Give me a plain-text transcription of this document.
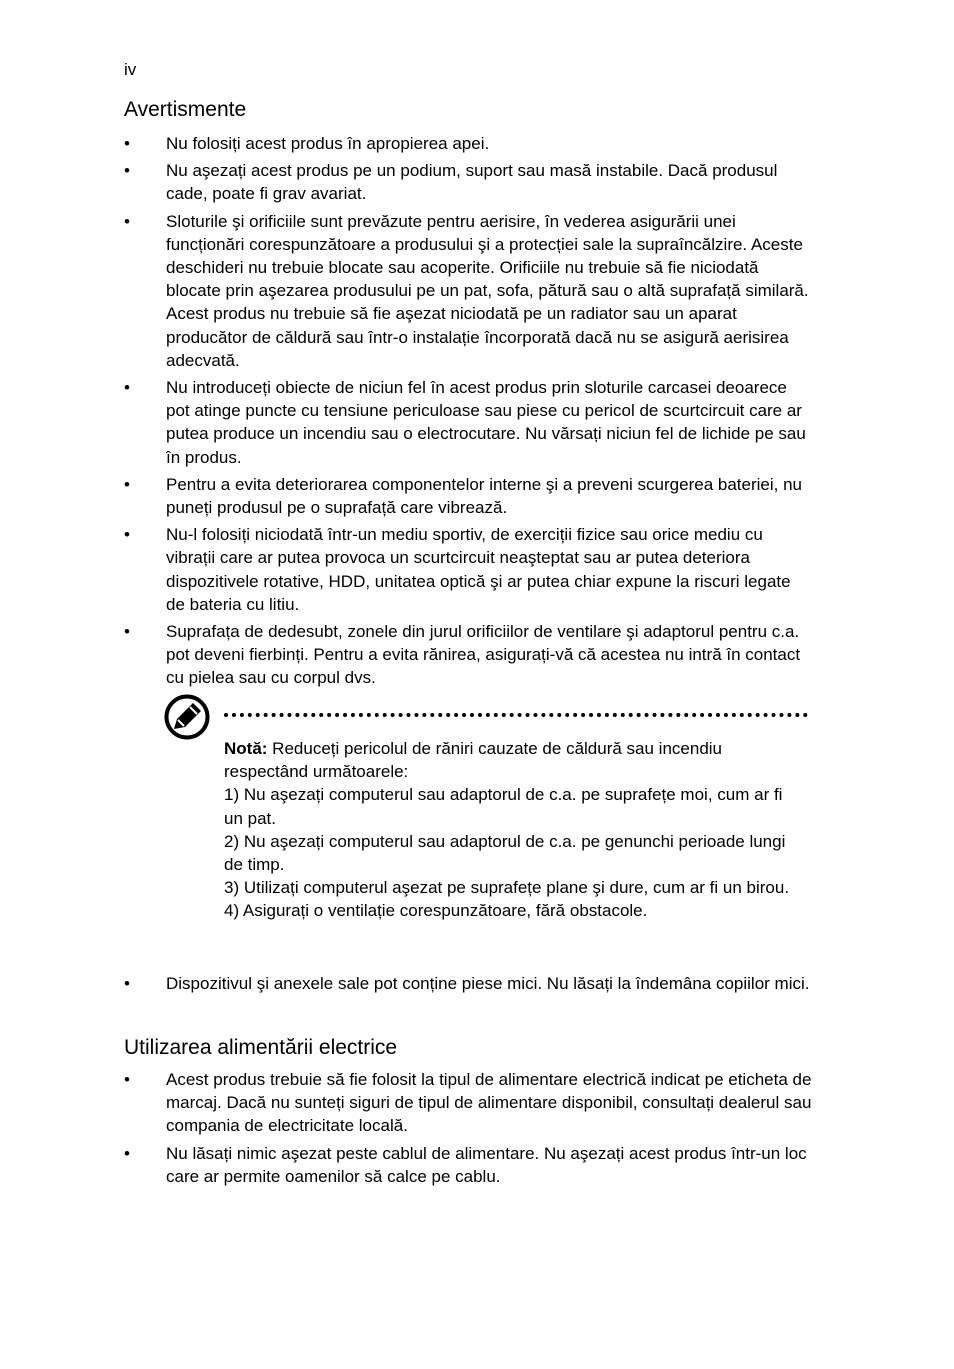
iv
Avertismente
• Nu folosiți acest produs în apropierea apei.
• Nu aşezați acest produs pe un podium, suport sau masă instabile. Dacă produsul cade, poate fi grav avariat.
• Sloturile şi orificiile sunt prevăzute pentru aerisire, în vederea asigurării unei funcționări corespunzătoare a produsului şi a protecției sale la supraîncălzire. Aceste deschideri nu trebuie blocate sau acoperite. Orificiile nu trebuie să fie niciodată blocate prin aşezarea produsului pe un pat, sofa, pătură sau o altă suprafață similară. Acest produs nu trebuie să fie aşezat niciodată pe un radiator sau un aparat producător de căldură sau într-o instalație încorporată dacă nu se asigură aerisirea adecvată.
• Nu introduceți obiecte de niciun fel în acest produs prin sloturile carcasei deoarece pot atinge puncte cu tensiune periculoase sau piese cu pericol de scurtcircuit care ar putea produce un incendiu sau o electrocutare. Nu vărsați niciun fel de lichide pe sau în produs.
• Pentru a evita deteriorarea componentelor interne şi a preveni scurgerea bateriei, nu puneți produsul pe o suprafață care vibrează.
• Nu-l folosiți niciodată într-un mediu sportiv, de exerciții fizice sau orice mediu cu vibrații care ar putea provoca un scurtcircuit neaşteptat sau ar putea deteriora dispozitivele rotative, HDD, unitatea optică şi ar putea chiar expune la riscuri legate de bateria cu litiu.
• Suprafața de dedesubt, zonele din jurul orificiilor de ventilare şi adaptorul pentru c.a. pot deveni fierbinți. Pentru a evita rănirea, asigurați-vă că acestea nu intră în contact cu pielea sau cu corpul dvs.

Notă: Reduceți pericolul de răniri cauzate de căldură sau incendiu respectând următoarele:

1) Nu aşezați computerul sau adaptorul de c.a. pe suprafețe moi, cum ar fi un pat.

2) Nu aşezați computerul sau adaptorul de c.a. pe genunchi perioade lungi de timp.

3) Utilizați computerul aşezat pe suprafețe plane şi dure, cum ar fi un birou.

4) Asigurați o ventilație corespunzătoare, fără obstacole.

• Dispozitivul şi anexele sale pot conține piese mici. Nu lăsați la îndemâna copiilor mici.
Utilizarea alimentării electrice
• Acest produs trebuie să fie folosit la tipul de alimentare electrică indicat pe eticheta de marcaj. Dacă nu sunteți siguri de tipul de alimentare disponibil, consultați dealerul sau compania de electricitate locală.
• Nu lăsați nimic aşezat peste cablul de alimentare. Nu aşezați acest produs într-un loc care ar permite oamenilor să calce pe cablu.
